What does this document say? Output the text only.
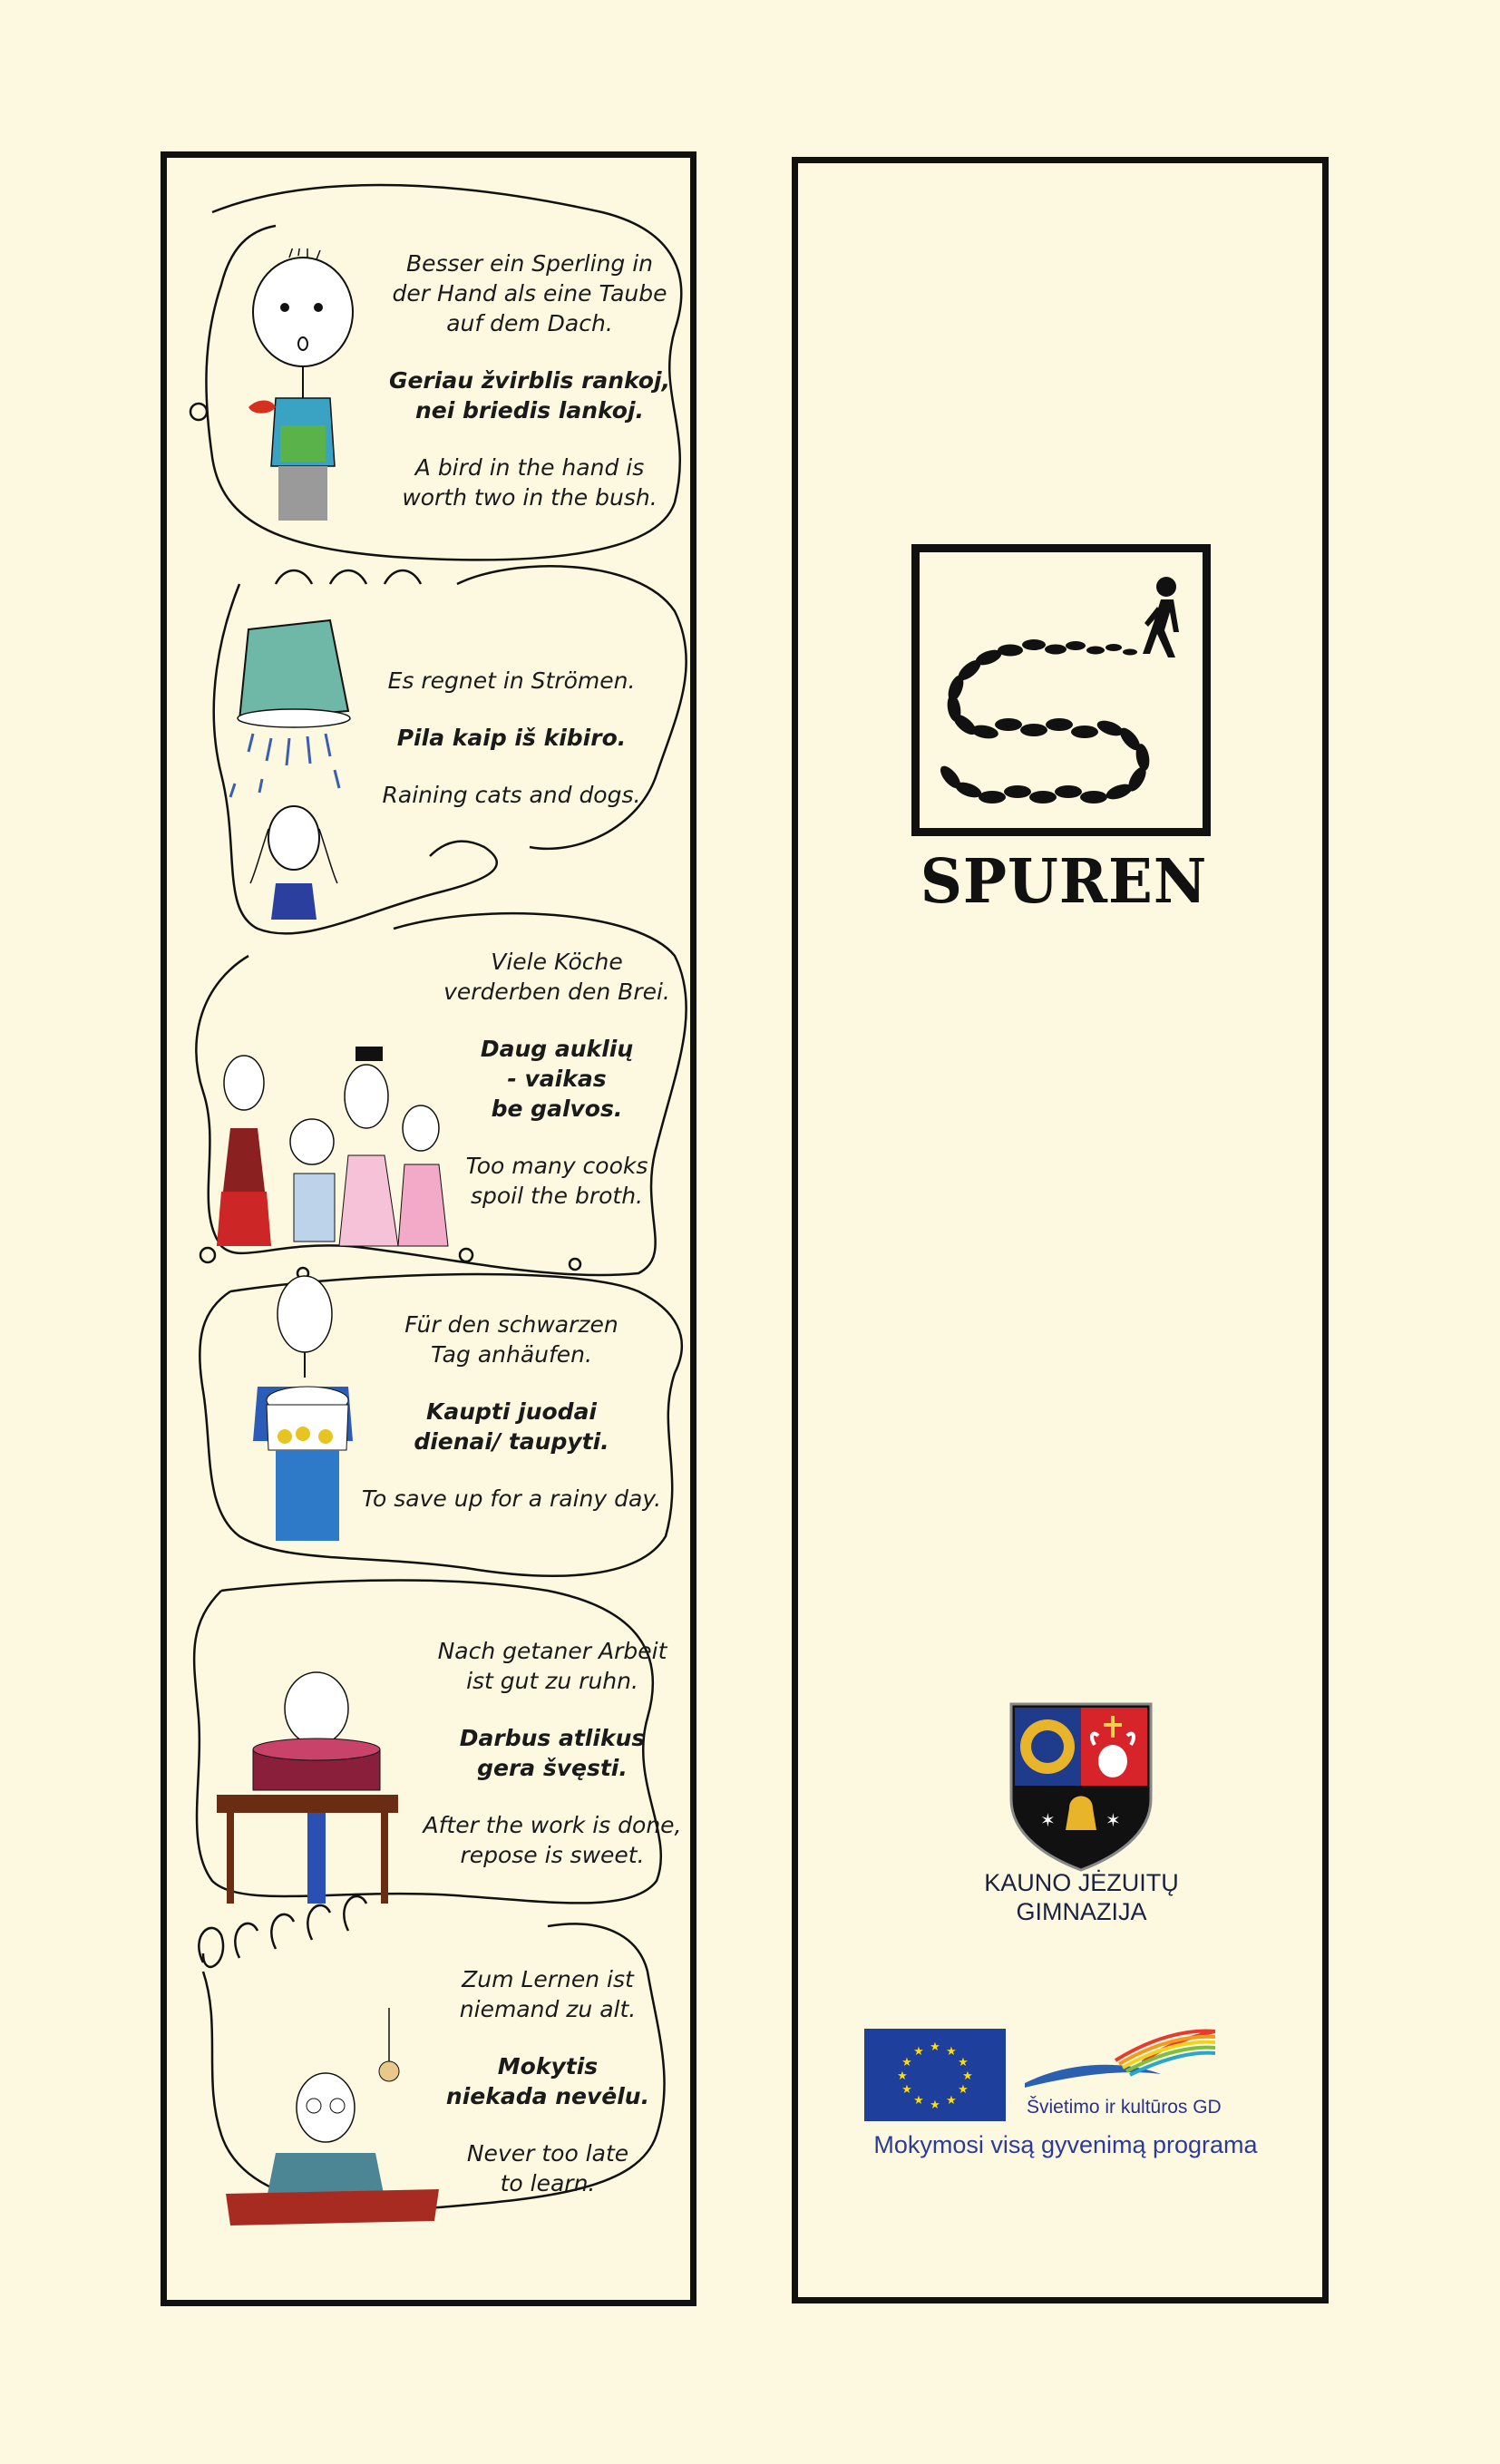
Besser ein Sperling in
der Hand als eine Taube
auf dem Dach.

Geriau žvirblis rankoj,
nei briedis lankoj.

A bird in the hand is
worth two in the bush.

Es regnet in Strömen.

Pila kaip iš kibiro.

Raining cats and dogs.

Viele Köche
verderben den Brei.

Daug auklių
- vaikas
be galvos.

Too many cooks
spoil the broth.

Für den schwarzen
Tag anhäufen.

Kaupti juodai
dienai/ taupyti.

To save up for a rainy day.

Nach getaner Arbeit
ist gut zu ruhn.

Darbus atlikus
gera švęsti.

After the work is done,
repose is sweet.

Zum Lernen ist
niemand zu alt.

Mokytis
niekada nevėlu.

Never too late
to learn.

SPUREN
✶	✶
KAUNO JĖZUITŲ
GIMNAZIJA
★ ★
★
★
★
★
★
★
★
★
★
★
Švietimo ir kultūros GD
Mokymosi visą gyvenimą programa
